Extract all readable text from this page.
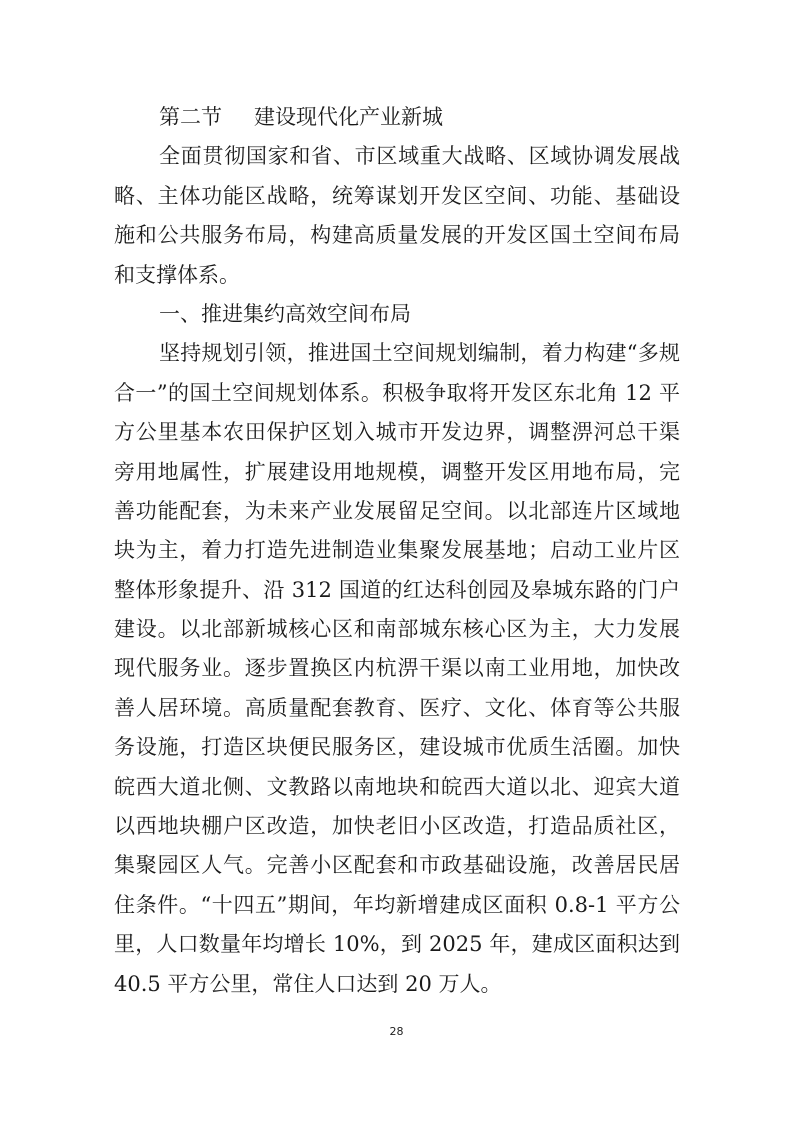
第二节 建设现代化产业新城
全面贯彻国家和省、市区域重大战略、区域协调发展战
略、主体功能区战略，统筹谋划开发区空间、功能、基础设
施和公共服务布局，构建高质量发展的开发区国土空间布局
和支撑体系。
一、推进集约高效空间布局
坚持规划引领，推进国土空间规划编制，着力构建“多规
合一”的国土空间规划体系。积极争取将开发区东北角 12 平
方公里基本农田保护区划入城市开发边界，调整淠河总干渠
旁用地属性，扩展建设用地规模，调整开发区用地布局，完
善功能配套，为未来产业发展留足空间。以北部连片区域地
块为主，着力打造先进制造业集聚发展基地；启动工业片区
整体形象提升、沿 312 国道的红达科创园及皋城东路的门户
建设。以北部新城核心区和南部城东核心区为主，大力发展
现代服务业。逐步置换区内杭淠干渠以南工业用地，加快改
善人居环境。高质量配套教育、医疗、文化、体育等公共服
务设施，打造区块便民服务区，建设城市优质生活圈。加快
皖西大道北侧、文教路以南地块和皖西大道以北、迎宾大道
以西地块棚户区改造，加快老旧小区改造，打造品质社区，
集聚园区人气。完善小区配套和市政基础设施，改善居民居
住条件。“十四五”期间，年均新增建成区面积 0.8-1 平方公
里，人口数量年均增长 10%，到 2025 年，建成区面积达到
40.5 平方公里，常住人口达到 20 万人。
28
